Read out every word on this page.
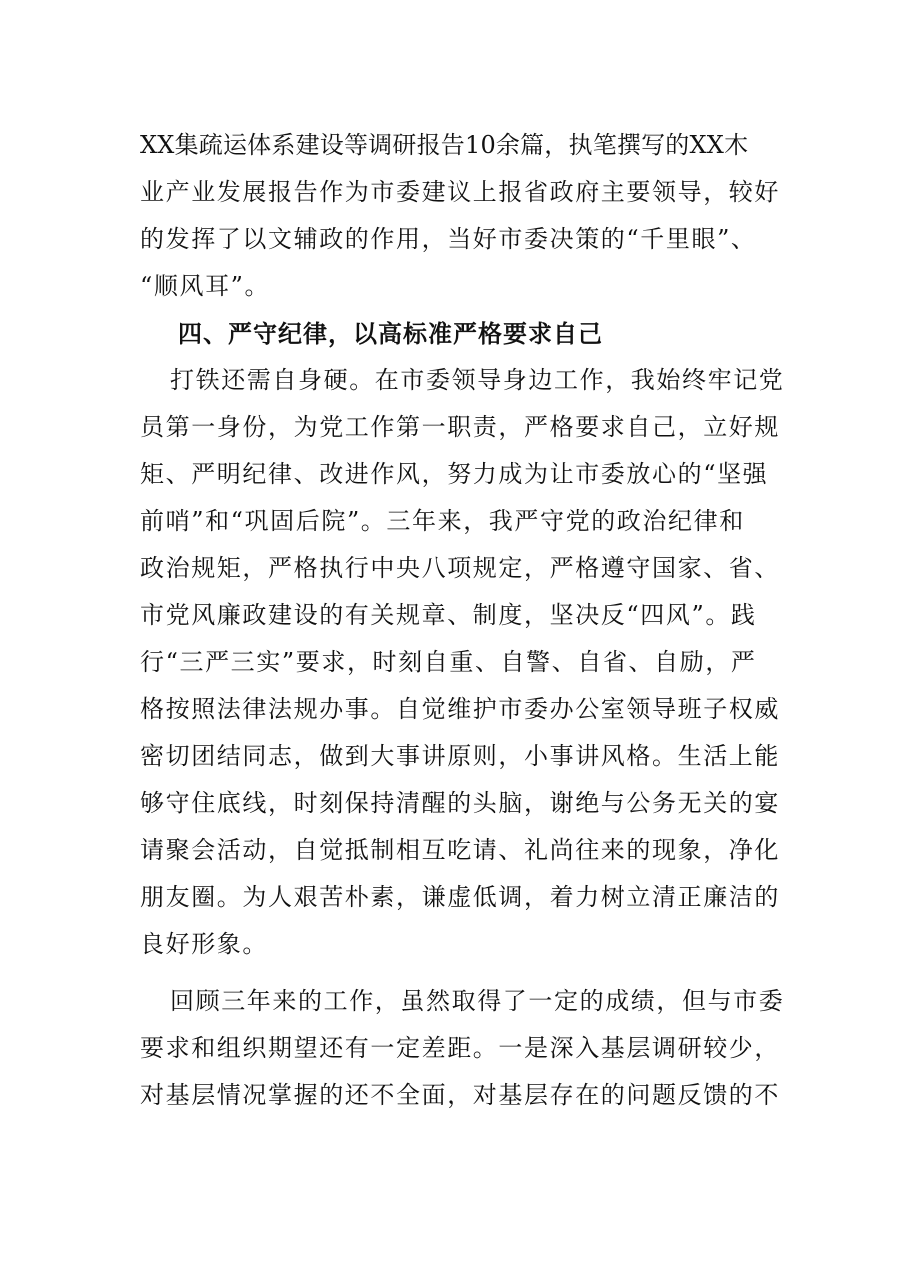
XX集疏运体系建设等调研报告10余篇，执笔撰写的XX木
业产业发展报告作为市委建议上报省政府主要领导，较好
的发挥了以文辅政的作用，当好市委决策的“千里眼”、
“顺风耳”。
四、严守纪律，以高标准严格要求自己
打铁还需自身硬。在市委领导身边工作，我始终牢记党
员第一身份，为党工作第一职责，严格要求自己，立好规
矩、严明纪律、改进作风，努力成为让市委放心的“坚强
前哨”和“巩固后院”。三年来，我严守党的政治纪律和
政治规矩，严格执行中央八项规定，严格遵守国家、省、
市党风廉政建设的有关规章、制度，坚决反“四风”。践
行“三严三实”要求，时刻自重、自警、自省、自励，严
格按照法律法规办事。自觉维护市委办公室领导班子权威
密切团结同志，做到大事讲原则，小事讲风格。生活上能
够守住底线，时刻保持清醒的头脑，谢绝与公务无关的宴
请聚会活动，自觉抵制相互吃请、礼尚往来的现象，净化
朋友圈。为人艰苦朴素，谦虚低调，着力树立清正廉洁的
良好形象。
回顾三年来的工作，虽然取得了一定的成绩，但与市委
要求和组织期望还有一定差距。一是深入基层调研较少，
对基层情况掌握的还不全面，对基层存在的问题反馈的不
